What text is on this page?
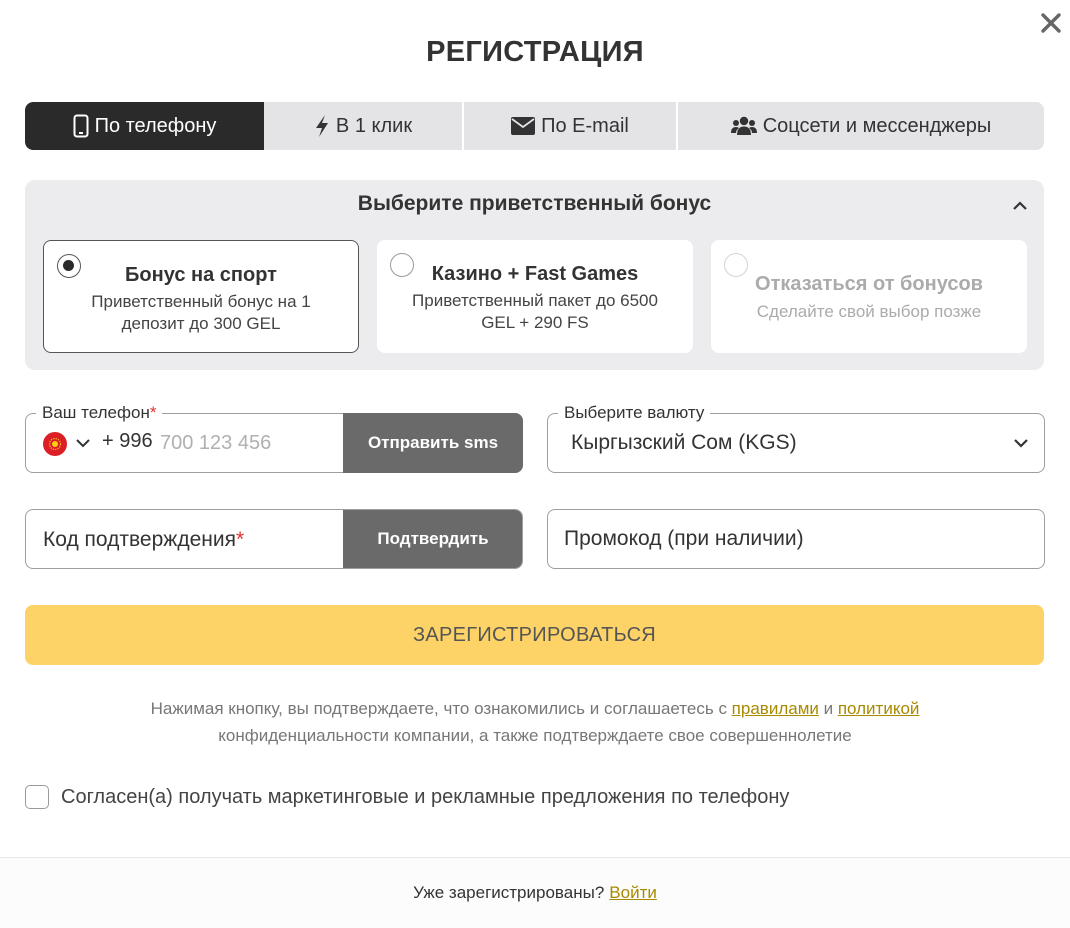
РЕГИСТРАЦИЯ
По телефону	В 1 клик	По E-mail	Соцсети и мессенджеры
Выберите приветственный бонус
Бонус на спорт
Приветственный бонус на 1 депозит до 300 GEL
Казино + Fast Games
Приветственный пакет до 6500 GEL + 290 FS
Отказаться от бонусов
Сделайте свой выбор позже
Ваш телефон*
+ 996
700 123 456	Отправить sms
Выберите валюту
Кыргызский Сом (KGS)
Код подтверждения*	Подтвердить
Промокод (при наличии)
ЗАРЕГИСТРИРОВАТЬСЯ

Нажимая кнопку, вы подтверждаете, что ознакомились и соглашаетесь с правилами и политикой конфиденциальности компании, а также подтверждаете свое совершеннолетие

Согласен(а) получать маркетинговые и рекламные предложения по телефону
Уже зарегистрированы? Войти
